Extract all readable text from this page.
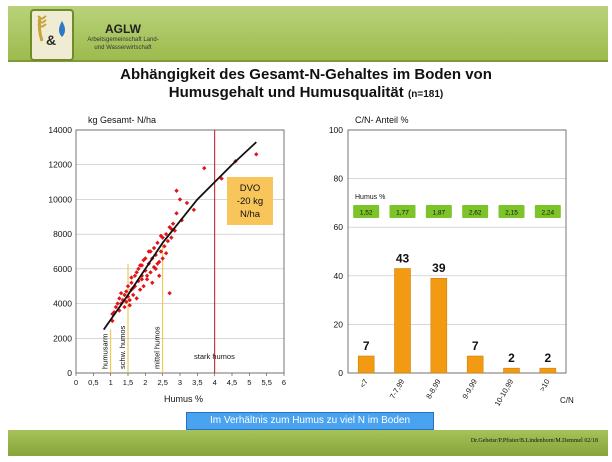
&
AGLW
Arbeitsgemeinschaft Land-
und Wasserwirtschaft
Abhängigkeit des Gesamt-N-Gehaltes im Boden von
Humusgehalt und Humusqualität (n=181)
kg Gesamt- N/ha
Humus %
0
2000
4000
6000
8000
10000
12000
14000
0 0,5 1 1,5 2 2,5 3 3,5 4 4,5 5 5,5 6
humusarm schw. humos	mittel humos	stark humos
DVO
-20 kg
N/ha
C/N- Anteil %
C/N
0
20
40
60
80
100
Humus %
7
<7
1,52
43
7-7,99
1,77
39
8-8,99
1,87
7
9-9,99
2,62
2
10-10,99
2,15
2
>10
2,24
Im Verhältnis zum Humus zu viel N im Boden
Dr.Gebetsr/P.Pfister/B.Lindenborn/M.Demmel 02/18
